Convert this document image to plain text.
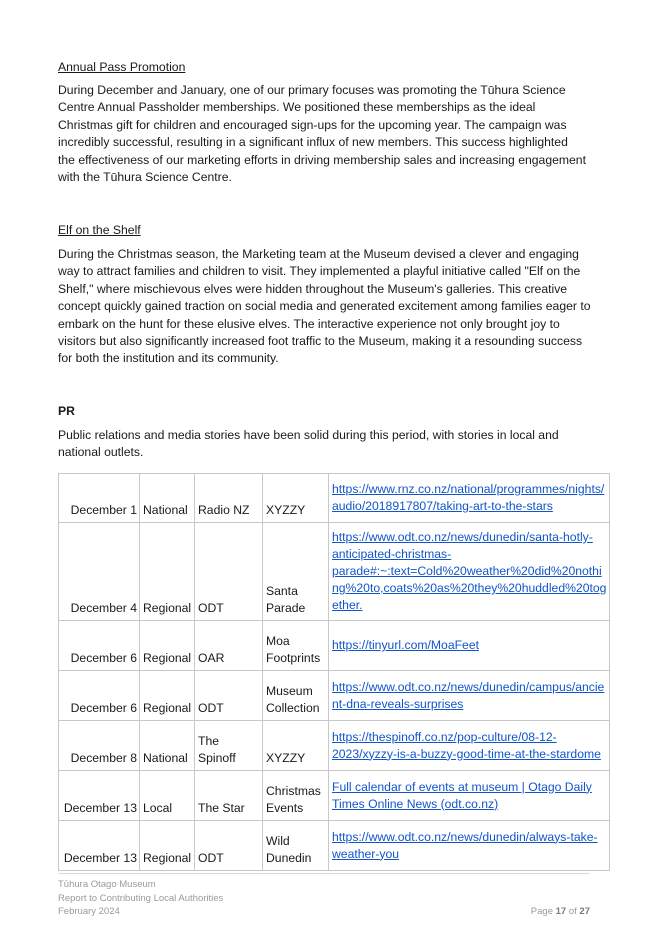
Annual Pass Promotion

During December and January, one of our primary focuses was promoting the Tūhura Science Centre Annual Passholder memberships. We positioned these memberships as the ideal Christmas gift for children and encouraged sign-ups for the upcoming year. The campaign was incredibly successful, resulting in a significant influx of new members. This success highlighted the effectiveness of our marketing efforts in driving membership sales and increasing engagement with the Tūhura Science Centre.

Elf on the Shelf

During the Christmas season, the Marketing team at the Museum devised a clever and engaging way to attract families and children to visit. They implemented a playful initiative called "Elf on the Shelf," where mischievous elves were hidden throughout the Museum's galleries. This creative concept quickly gained traction on social media and generated excitement among families eager to embark on the hunt for these elusive elves. The interactive experience not only brought joy to visitors but also significantly increased foot traffic to the Museum, making it a resounding success for both the institution and its community.

PR

Public relations and media stories have been solid during this period, with stories in local and national outlets.

December 1	National	Radio NZ	XYZZY	https://www.rnz.co.nz/national/programmes/nights/audio/2018917807/taking-art-to-the-stars
December 4	Regional	ODT	Santa Parade	https://www.odt.co.nz/news/dunedin/santa-hotly-anticipated-christmas-parade#:~:text=Cold%20weather%20did%20nothing%20to,coats%20as%20they%20huddled%20together.
December 6	Regional	OAR	Moa Footprints	https://tinyurl.com/MoaFeet
December 6	Regional	ODT	Museum Collection	https://www.odt.co.nz/news/dunedin/campus/ancient-dna-reveals-surprises
December 8	National	The Spinoff	XYZZY	https://thespinoff.co.nz/pop-culture/08-12-2023/xyzzy-is-a-buzzy-good-time-at-the-stardome
December 13	Local	The Star	Christmas Events	Full calendar of events at museum | Otago Daily Times Online News (odt.co.nz)
December 13	Regional	ODT	Wild Dunedin	https://www.odt.co.nz/news/dunedin/always-take-weather-you
Tūhura Otago Museum
Report to Contributing Local Authorities
February 2024	Page 17 of 27
